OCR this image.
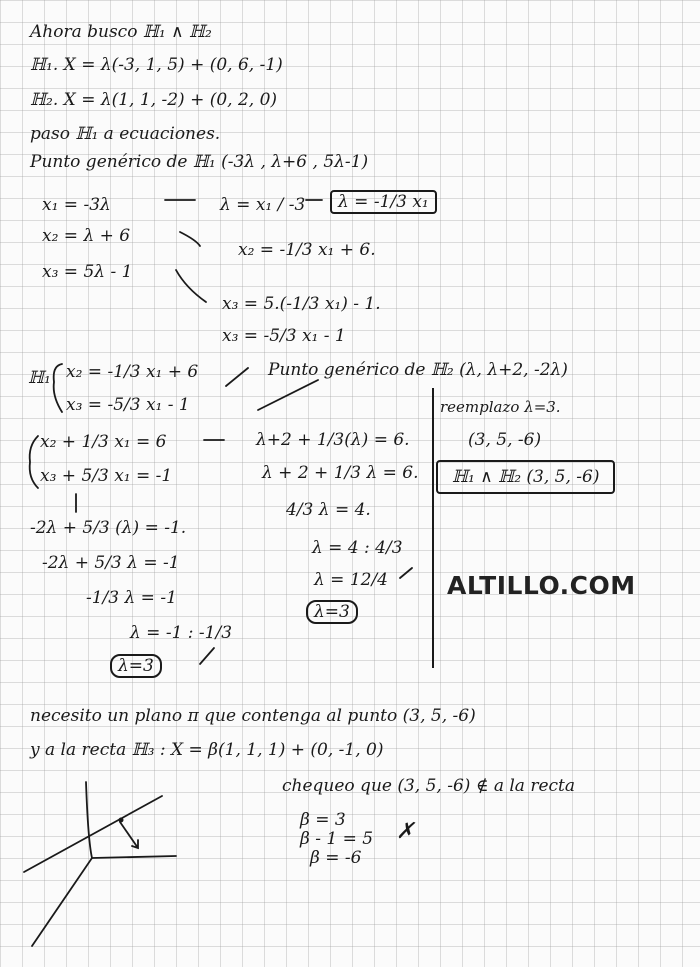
Ahora busco ℍ₁ ∧ ℍ₂
ℍ₁. X = λ(-3, 1, 5) + (0, 6, -1)
ℍ₂. X = λ(1, 1, -2) + (0, 2, 0)
paso ℍ₁ a ecuaciones.
Punto genérico de ℍ₁ (-3λ , λ+6 , 5λ-1)
x₁ = -3λ	λ = x₁ / -3	λ = -1/3 x₁
x₂ = λ + 6
x₂ = -1/3 x₁ + 6.
x₃ = 5λ - 1
x₃ = 5.(-1/3 x₁) - 1.
x₃ = -5/3 x₁ - 1
ℍ₁ x₂ = -1/3 x₁ + 6
x₃ = -5/3 x₁ - 1
Punto genérico de ℍ₂ (λ, λ+2, -2λ)
x₂ + 1/3 x₁ = 6
x₃ + 5/3 x₁ = -1
λ+2 + 1/3(λ) = 6.
λ + 2 + 1/3 λ = 6.
4/3 λ = 4.
λ = 4 : 4/3
λ = 12/4
λ=3
reemplazo λ=3.
(3, 5, -6)
ℍ₁ ∧ ℍ₂ (3, 5, -6)
ALTILLO.COM
-2λ + 5/3 (λ) = -1.
-2λ + 5/3 λ = -1
-1/3 λ = -1
λ = -1 : -1/3
λ=3
necesito un plano π que contenga al punto (3, 5, -6)
y a la recta ℍ₃ : X = β(1, 1, 1) + (0, -1, 0)
chequeo que (3, 5, -6) ∉ a la recta
β = 3
β - 1 = 5
β = -6
✗
